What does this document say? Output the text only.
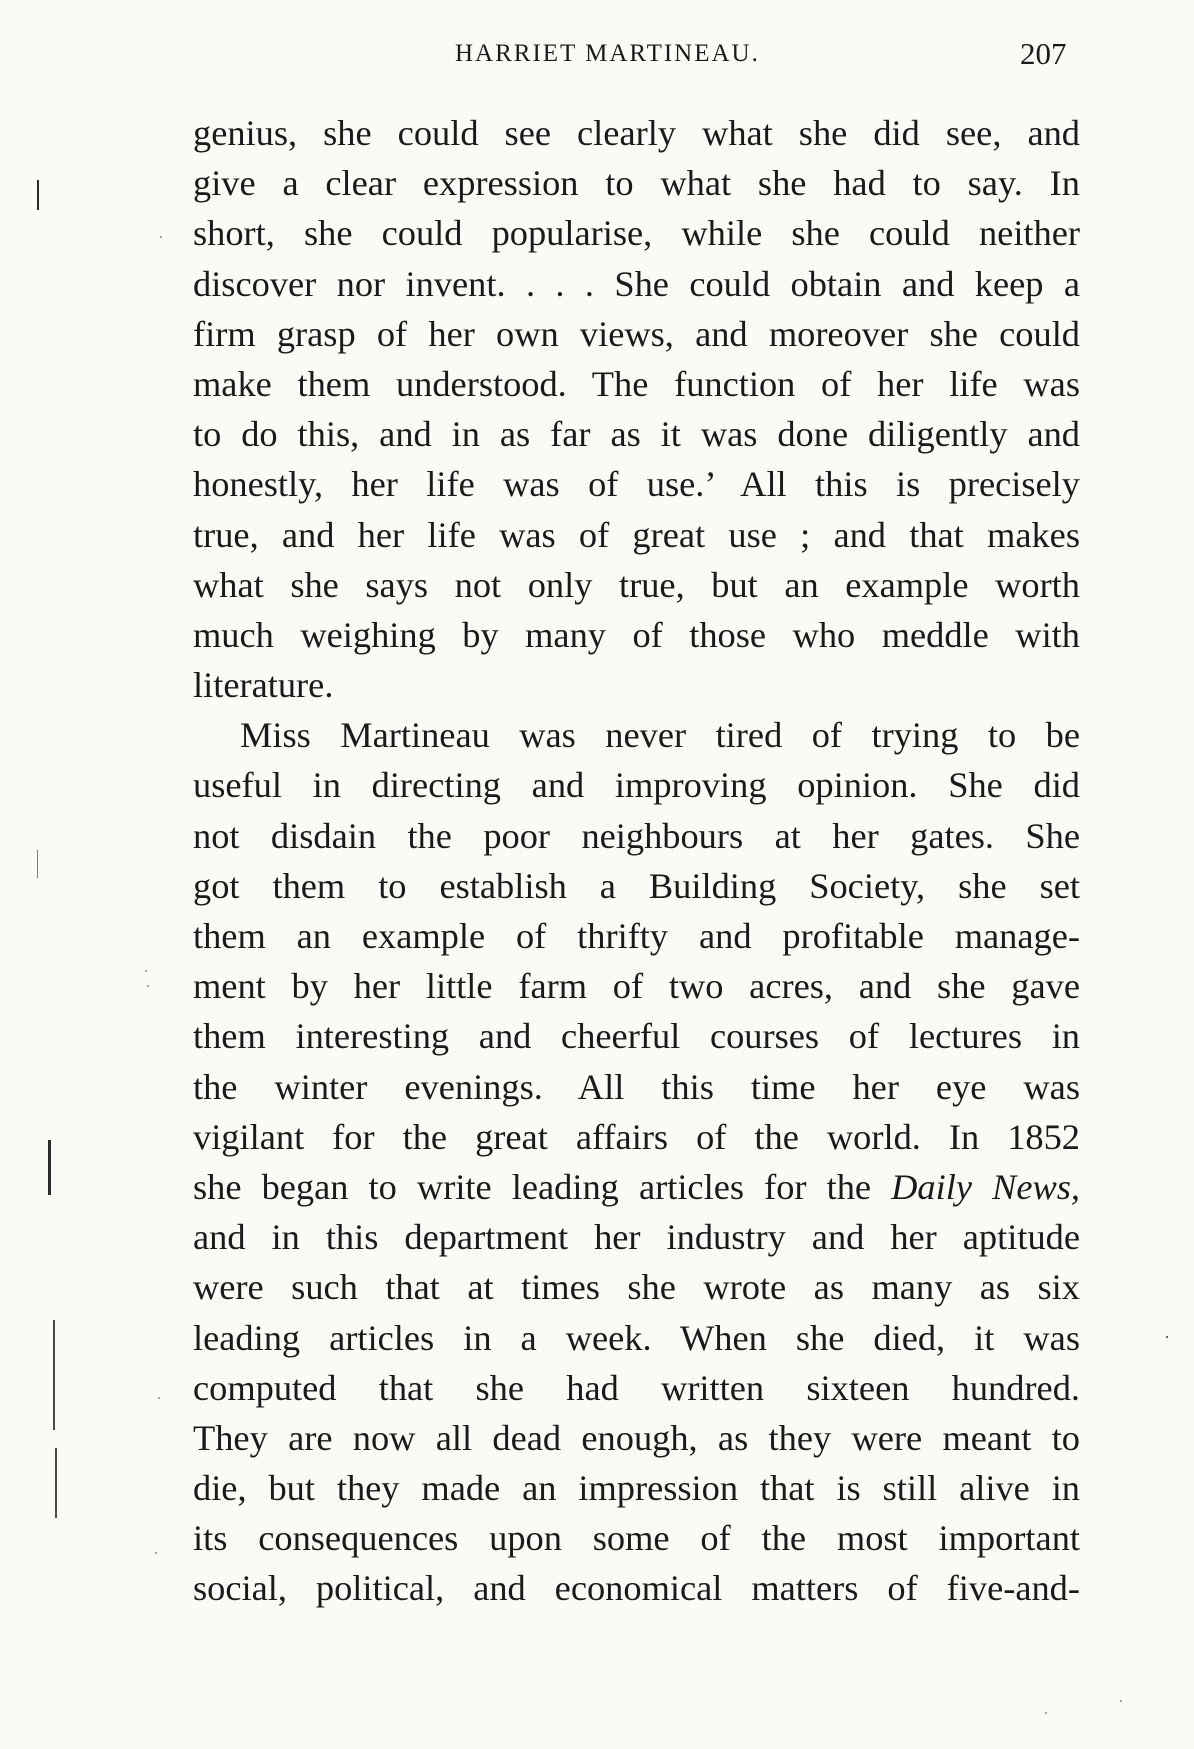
HARRIET MARTINEAU.	207
genius, she could see clearly what she did see, and
give a clear expression to what she had to say. In
short, she could popularise, while she could neither
discover nor invent. . . . She could obtain and keep a
firm grasp of her own views, and moreover she could
make them understood. The function of her life was
to do this, and in as far as it was done diligently and
honestly, her life was of use.’ All this is precisely
true, and her life was of great use ; and that makes
what she says not only true, but an example worth
much weighing by many of those who meddle with
literature.
Miss Martineau was never tired of trying to be
useful in directing and improving opinion. She did
not disdain the poor neighbours at her gates. She
got them to establish a Building Society, she set
them an example of thrifty and profitable manage-
ment by her little farm of two acres, and she gave
them interesting and cheerful courses of lectures in
the winter evenings. All this time her eye was
vigilant for the great affairs of the world. In 1852
she began to write leading articles for the Daily News,
and in this department her industry and her aptitude
were such that at times she wrote as many as six
leading articles in a week. When she died, it was
computed that she had written sixteen hundred.
They are now all dead enough, as they were meant to
die, but they made an impression that is still alive in
its consequences upon some of the most important
social, political, and economical matters of five-and-
